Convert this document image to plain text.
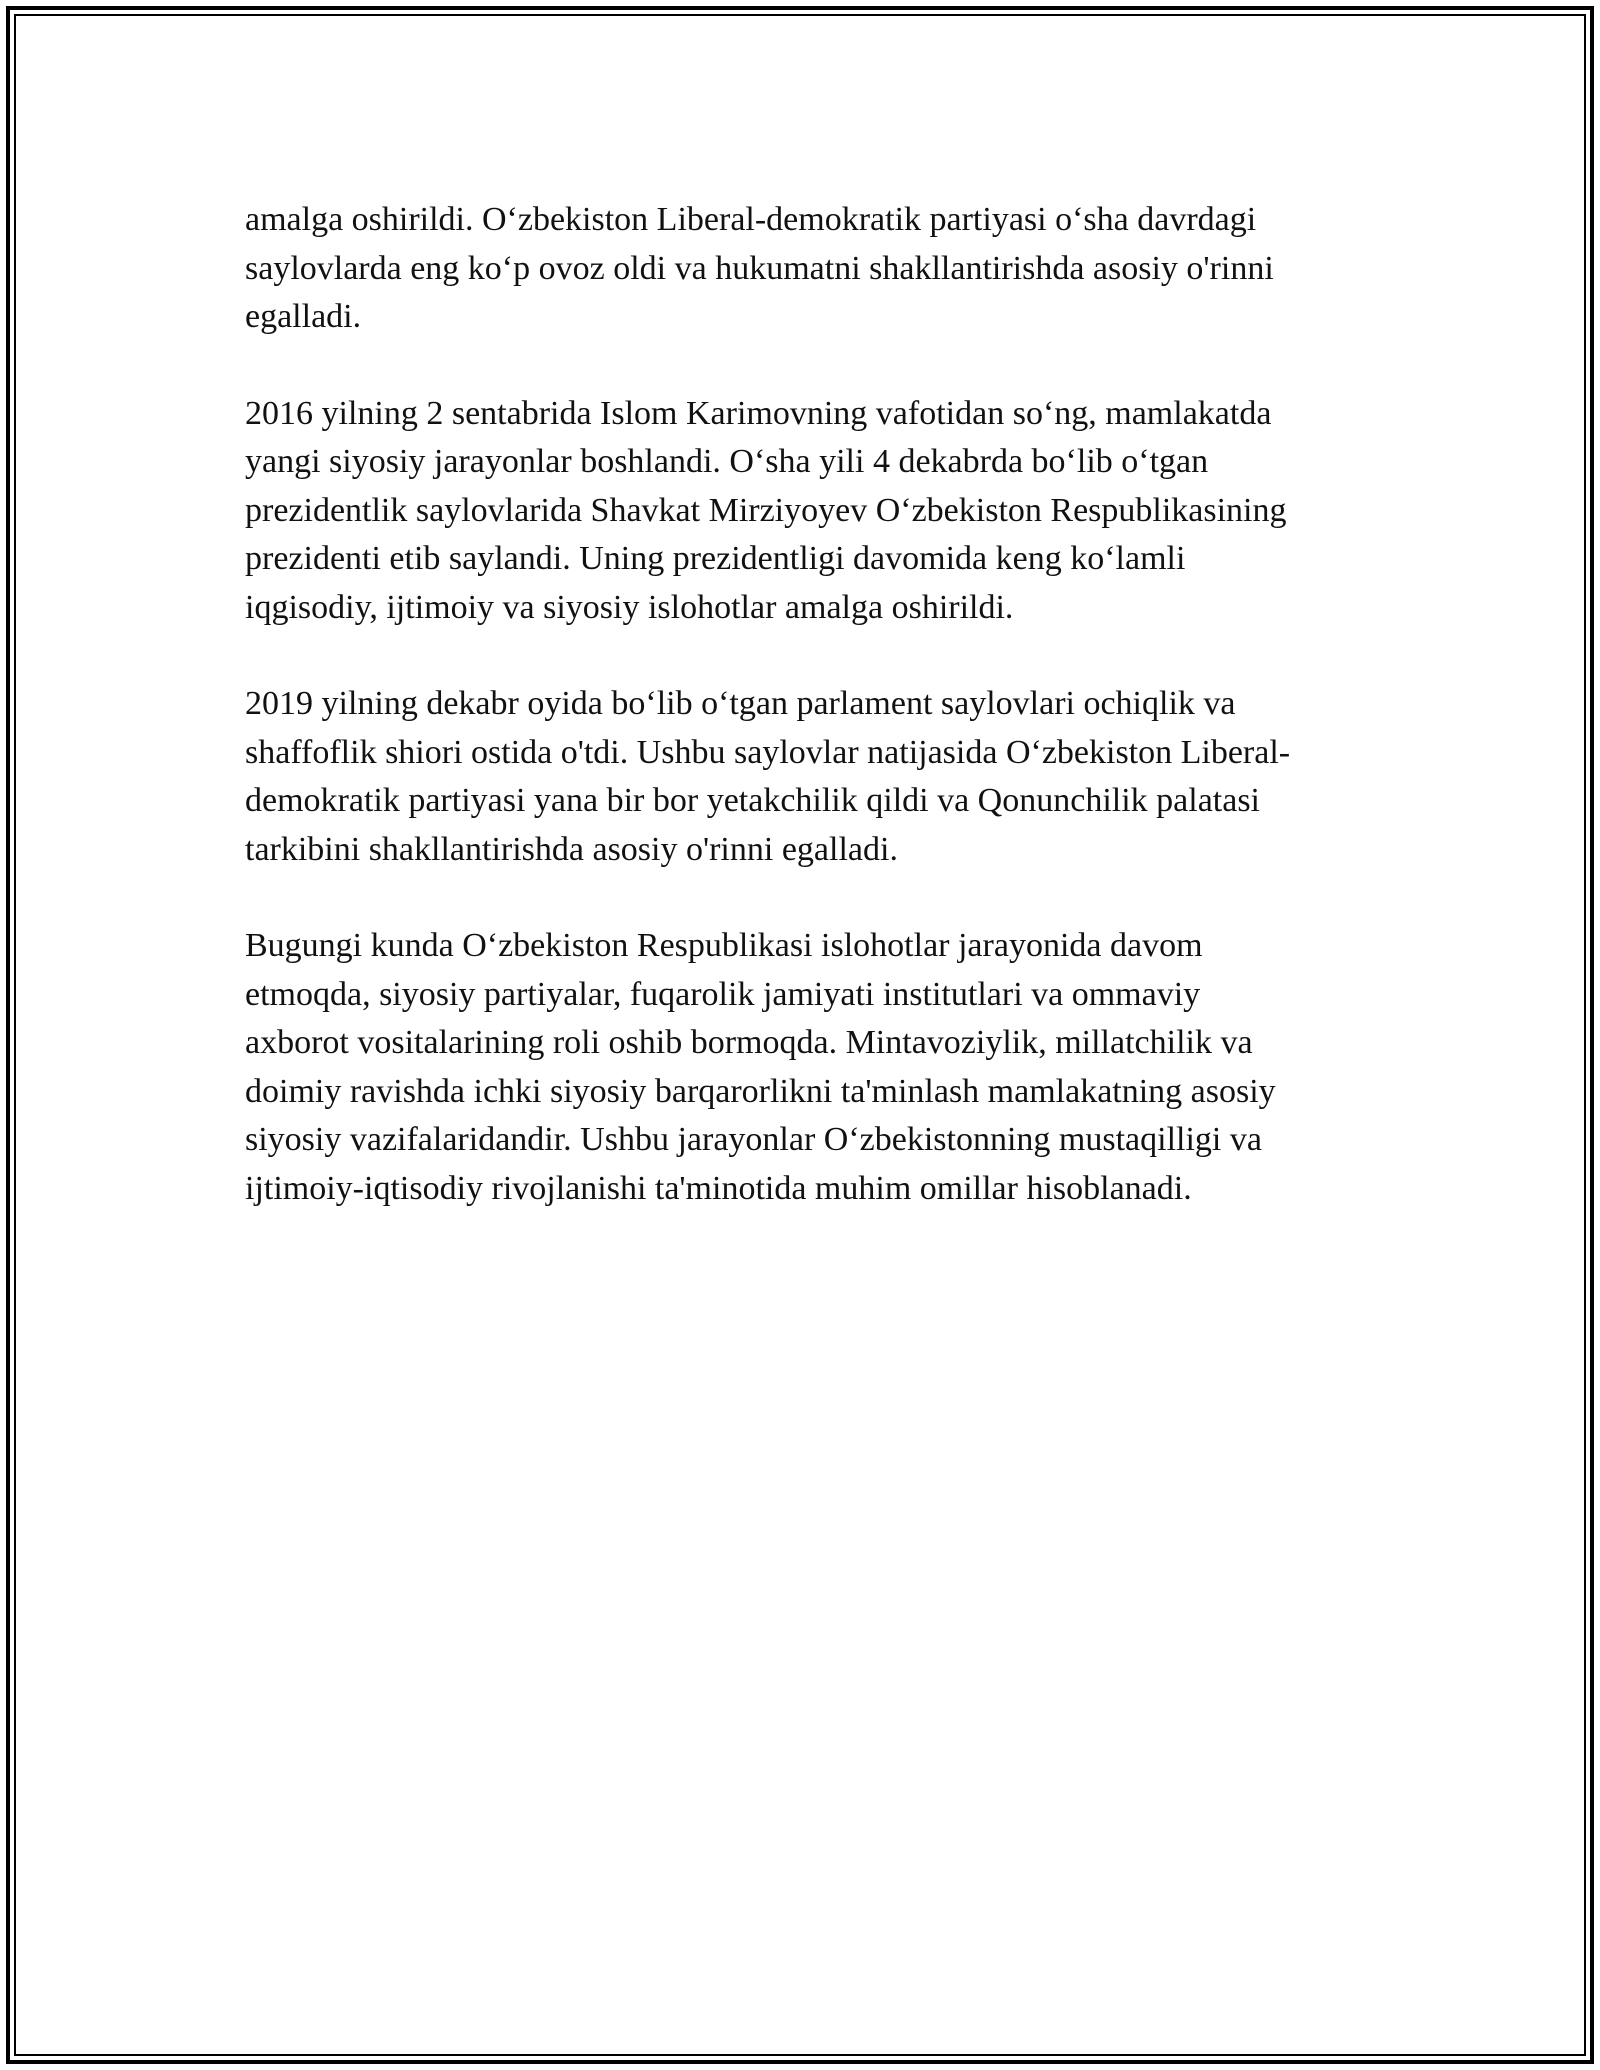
amalga oshirildi. O‘zbekiston Liberal-demokratik partiyasi o‘sha davrdagi
saylovlarda eng ko‘p ovoz oldi va hukumatni shakllantirishda asosiy o'rinni
egalladi.

2016 yilning 2 sentabrida Islom Karimovning vafotidan so‘ng, mamlakatda
yangi siyosiy jarayonlar boshlandi. O‘sha yili 4 dekabrda bo‘lib o‘tgan
prezidentlik saylovlarida Shavkat Mirziyoyev O‘zbekiston Respublikasining
prezidenti etib saylandi. Uning prezidentligi davomida keng ko‘lamli
iqgisodiy, ijtimoiy va siyosiy islohotlar amalga oshirildi.

2019 yilning dekabr oyida bo‘lib o‘tgan parlament saylovlari ochiqlik va
shaffoflik shiori ostida o'tdi. Ushbu saylovlar natijasida O‘zbekiston Liberal-
demokratik partiyasi yana bir bor yetakchilik qildi va Qonunchilik palatasi
tarkibini shakllantirishda asosiy o'rinni egalladi.

Bugungi kunda O‘zbekiston Respublikasi islohotlar jarayonida davom
etmoqda, siyosiy partiyalar, fuqarolik jamiyati institutlari va ommaviy
axborot vositalarining roli oshib bormoqda. Mintavoziylik, millatchilik va
doimiy ravishda ichki siyosiy barqarorlikni ta'minlash mamlakatning asosiy
siyosiy vazifalaridandir. Ushbu jarayonlar O‘zbekistonning mustaqilligi va
ijtimoiy-iqtisodiy rivojlanishi ta'minotida muhim omillar hisoblanadi.
